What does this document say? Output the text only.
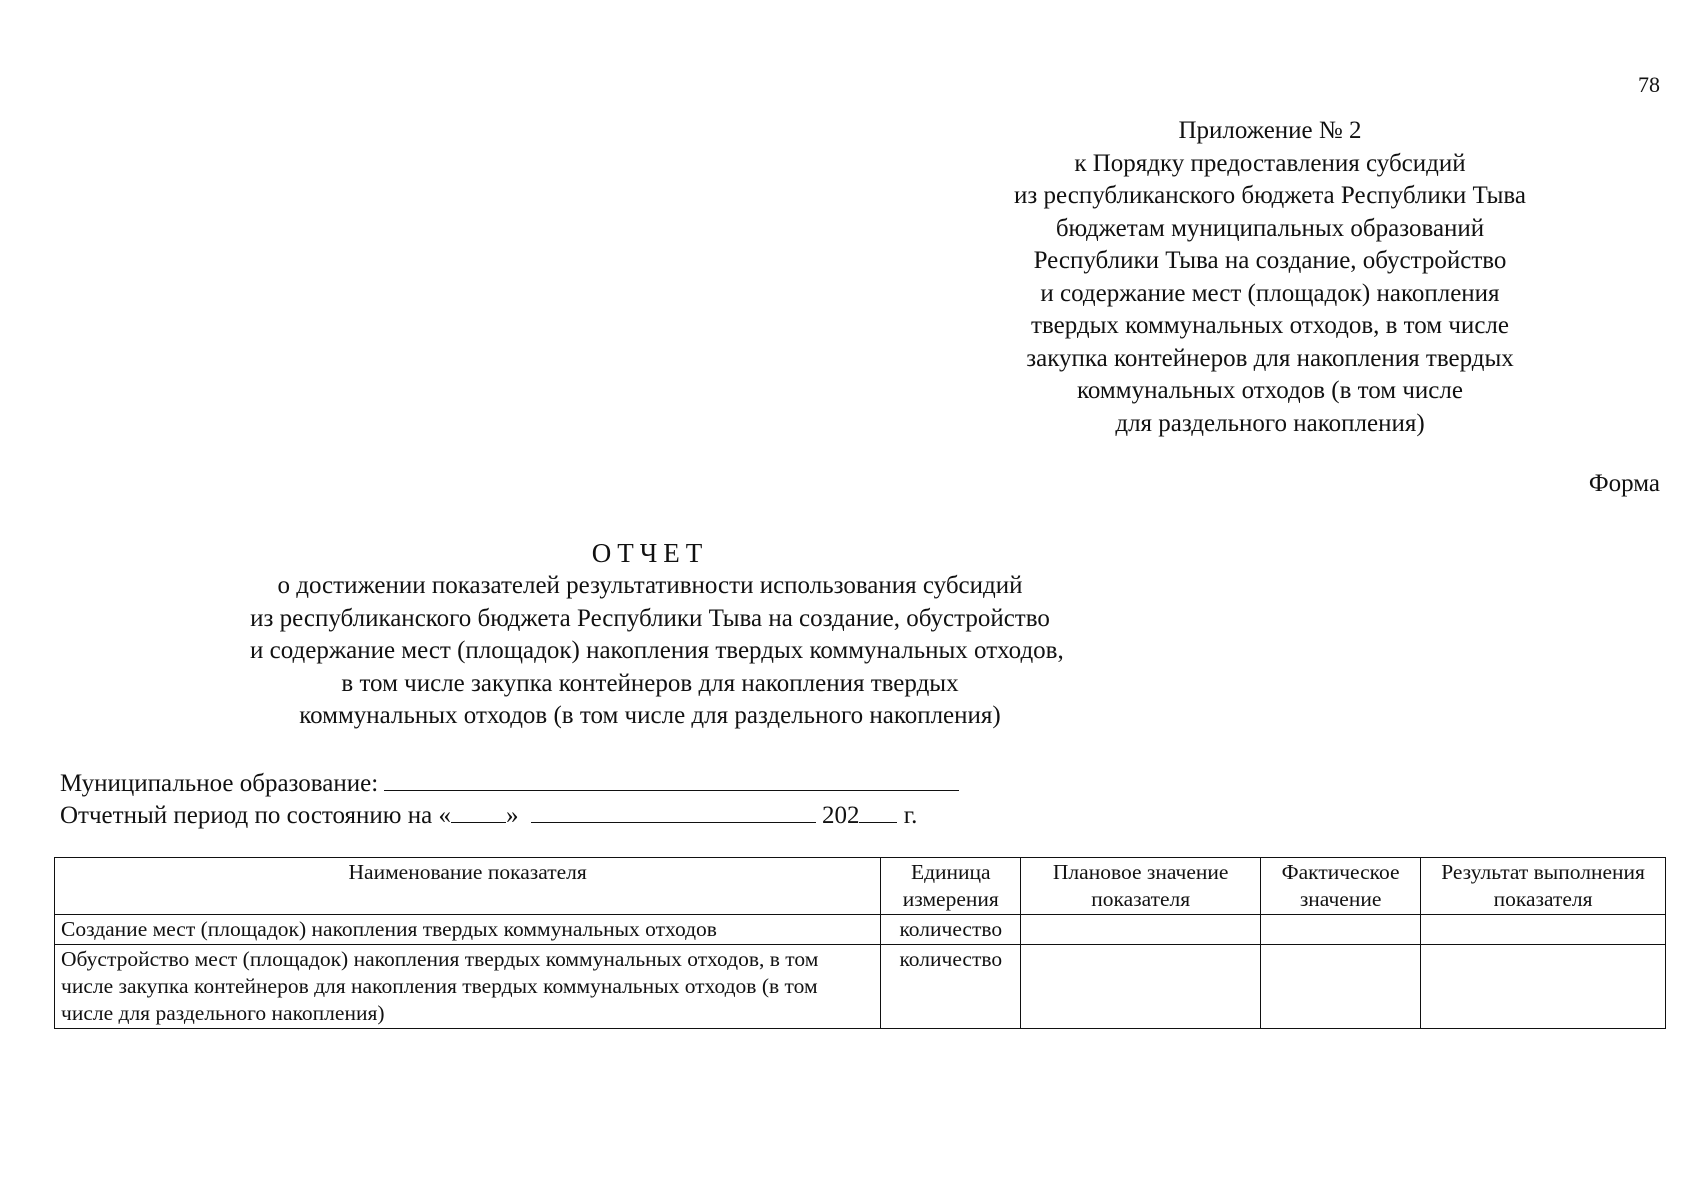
78
Приложение № 2
к Порядку предоставления субсидий
из республиканского бюджета Республики Тыва
бюджетам муниципальных образований
Республики Тыва на создание, обустройство
и содержание мест (площадок) накопления
твердых коммунальных отходов, в том числе
закупка контейнеров для накопления твердых
коммунальных отходов (в том числе
для раздельного накопления)
Форма
ОТЧЕТ
о достижении показателей результативности использования субсидий
из республиканского бюджета Республики Тыва на создание, обустройство
и содержание мест (площадок) накопления твердых коммунальных отходов,
в том числе закупка контейнеров для накопления твердых
коммунальных отходов (в том числе для раздельного накопления)
Муниципальное образование:
Отчетный период по состоянию на « »	202 г.
Наименование показателя	Единица измерения	Плановое значение показателя	Фактическое значение	Результат выполнения показателя
Создание мест (площадок) накопления твердых коммунальных отходов	количество			
Обустройство мест (площадок) накопления твердых коммунальных отходов, в том числе закупка контейнеров для накопления твердых коммунальных отходов (в том числе для раздельного накопления)	количество			
